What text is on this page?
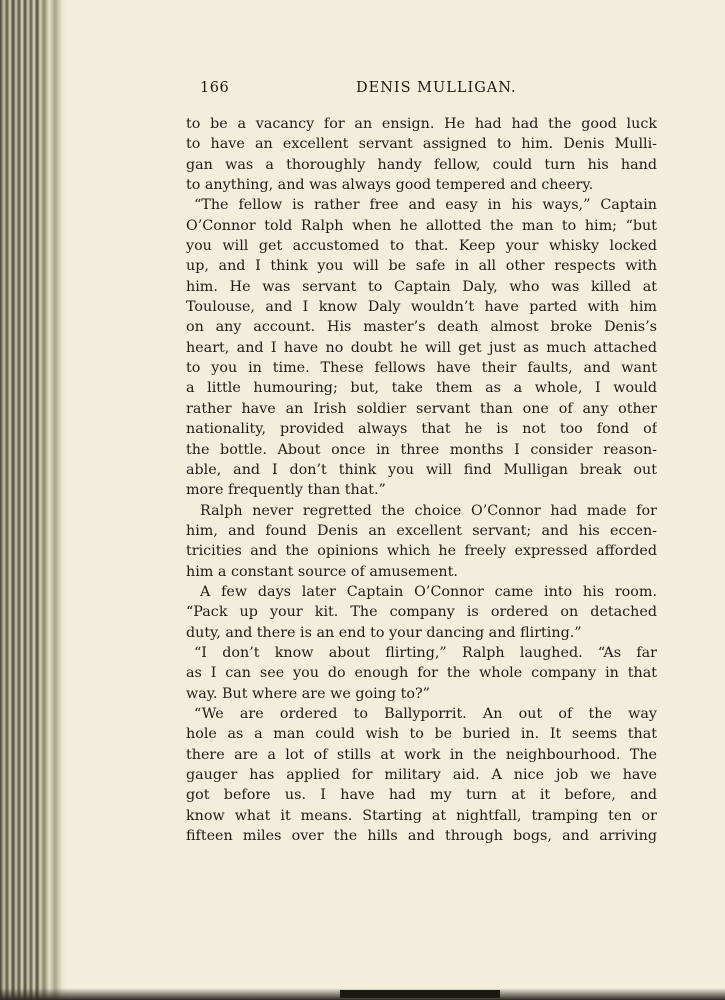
166	DENIS MULLIGAN.
to be a vacancy for an ensign. He had had the good luck
to have an excellent servant assigned to him. Denis Mulli-
gan was a thoroughly handy fellow, could turn his hand
to anything, and was always good tempered and cheery.
“The fellow is rather free and easy in his ways,” Captain
O’Connor told Ralph when he allotted the man to him; “but
you will get accustomed to that. Keep your whisky locked
up, and I think you will be safe in all other respects with
him. He was servant to Captain Daly, who was killed at
Toulouse, and I know Daly wouldn’t have parted with him
on any account. His master’s death almost broke Denis’s
heart, and I have no doubt he will get just as much attached
to you in time. These fellows have their faults, and want
a little humouring; but, take them as a whole, I would
rather have an Irish soldier servant than one of any other
nationality, provided always that he is not too fond of
the bottle. About once in three months I consider reason-
able, and I don’t think you will find Mulligan break out
more frequently than that.”
Ralph never regretted the choice O’Connor had made for
him, and found Denis an excellent servant; and his eccen-
tricities and the opinions which he freely expressed afforded
him a constant source of amusement.
A few days later Captain O’Connor came into his room.
“Pack up your kit. The company is ordered on detached
duty, and there is an end to your dancing and flirting.”
“I don’t know about flirting,” Ralph laughed. “As far
as I can see you do enough for the whole company in that
way. But where are we going to?”
“We are ordered to Ballyporrit. An out of the way
hole as a man could wish to be buried in. It seems that
there are a lot of stills at work in the neighbourhood. The
gauger has applied for military aid. A nice job we have
got before us. I have had my turn at it before, and
know what it means. Starting at nightfall, tramping ten or
fifteen miles over the hills and through bogs, and arriving
